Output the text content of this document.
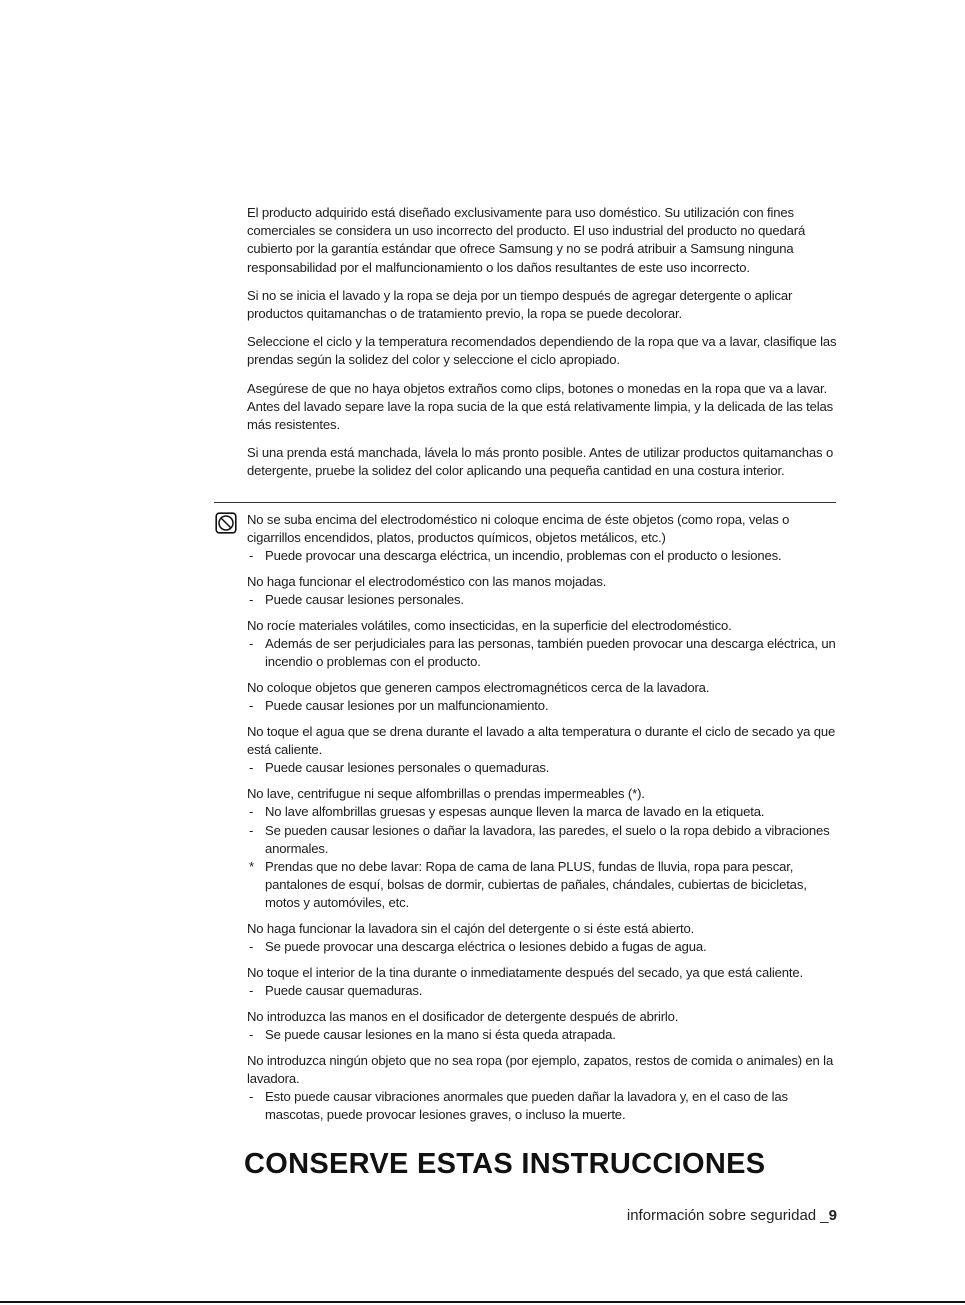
El producto adquirido está diseñado exclusivamente para uso doméstico. Su utilización con fines comerciales se considera un uso incorrecto del producto. El uso industrial del producto no quedará cubierto por la garantía estándar que ofrece Samsung y no se podrá atribuir a Samsung ninguna responsabilidad por el malfuncionamiento o los daños resultantes de este uso incorrecto.

Si no se inicia el lavado y la ropa se deja por un tiempo después de agregar detergente o aplicar productos quitamanchas o de tratamiento previo, la ropa se puede decolorar.

Seleccione el ciclo y la temperatura recomendados dependiendo de la ropa que va a lavar, clasifique las prendas según la solidez del color y seleccione el ciclo apropiado.

Asegúrese de que no haya objetos extraños como clips, botones o monedas en la ropa que va a lavar. Antes del lavado separe lave la ropa sucia de la que está relativamente limpia, y la delicada de las telas más resistentes.

Si una prenda está manchada, lávela lo más pronto posible. Antes de utilizar productos quitamanchas o detergente, pruebe la solidez del color aplicando una pequeña cantidad en una costura interior.

No se suba encima del electrodoméstico ni coloque encima de éste objetos (como ropa, velas o cigarrillos encendidos, platos, productos químicos, objetos metálicos, etc.)

- Puede provocar una descarga eléctrica, un incendio, problemas con el producto o lesiones.

No haga funcionar el electrodoméstico con las manos mojadas.

- Puede causar lesiones personales.

No rocíe materiales volátiles, como insecticidas, en la superficie del electrodoméstico.

- Además de ser perjudiciales para las personas, también pueden provocar una descarga eléctrica, un incendio o problemas con el producto.

No coloque objetos que generen campos electromagnéticos cerca de la lavadora.

- Puede causar lesiones por un malfuncionamiento.

No toque el agua que se drena durante el lavado a alta temperatura o durante el ciclo de secado ya que está caliente.

- Puede causar lesiones personales o quemaduras.

No lave, centrifugue ni seque alfombrillas o prendas impermeables (*).

- No lave alfombrillas gruesas y espesas aunque lleven la marca de lavado en la etiqueta.

- Se pueden causar lesiones o dañar la lavadora, las paredes, el suelo o la ropa debido a vibraciones anormales.

* Prendas que no debe lavar: Ropa de cama de lana PLUS, fundas de lluvia, ropa para pescar, pantalones de esquí, bolsas de dormir, cubiertas de pañales, chándales, cubiertas de bicicletas, motos y automóviles, etc.

No haga funcionar la lavadora sin el cajón del detergente o si éste está abierto.

- Se puede provocar una descarga eléctrica o lesiones debido a fugas de agua.

No toque el interior de la tina durante o inmediatamente después del secado, ya que está caliente.

- Puede causar quemaduras.

No introduzca las manos en el dosificador de detergente después de abrirlo.

- Se puede causar lesiones en la mano si ésta queda atrapada.

No introduzca ningún objeto que no sea ropa (por ejemplo, zapatos, restos de comida o animales) en la lavadora.

- Esto puede causar vibraciones anormales que pueden dañar la lavadora y, en el caso de las mascotas, puede provocar lesiones graves, o incluso la muerte.

CONSERVE ESTAS INSTRUCCIONES
información sobre seguridad _9
